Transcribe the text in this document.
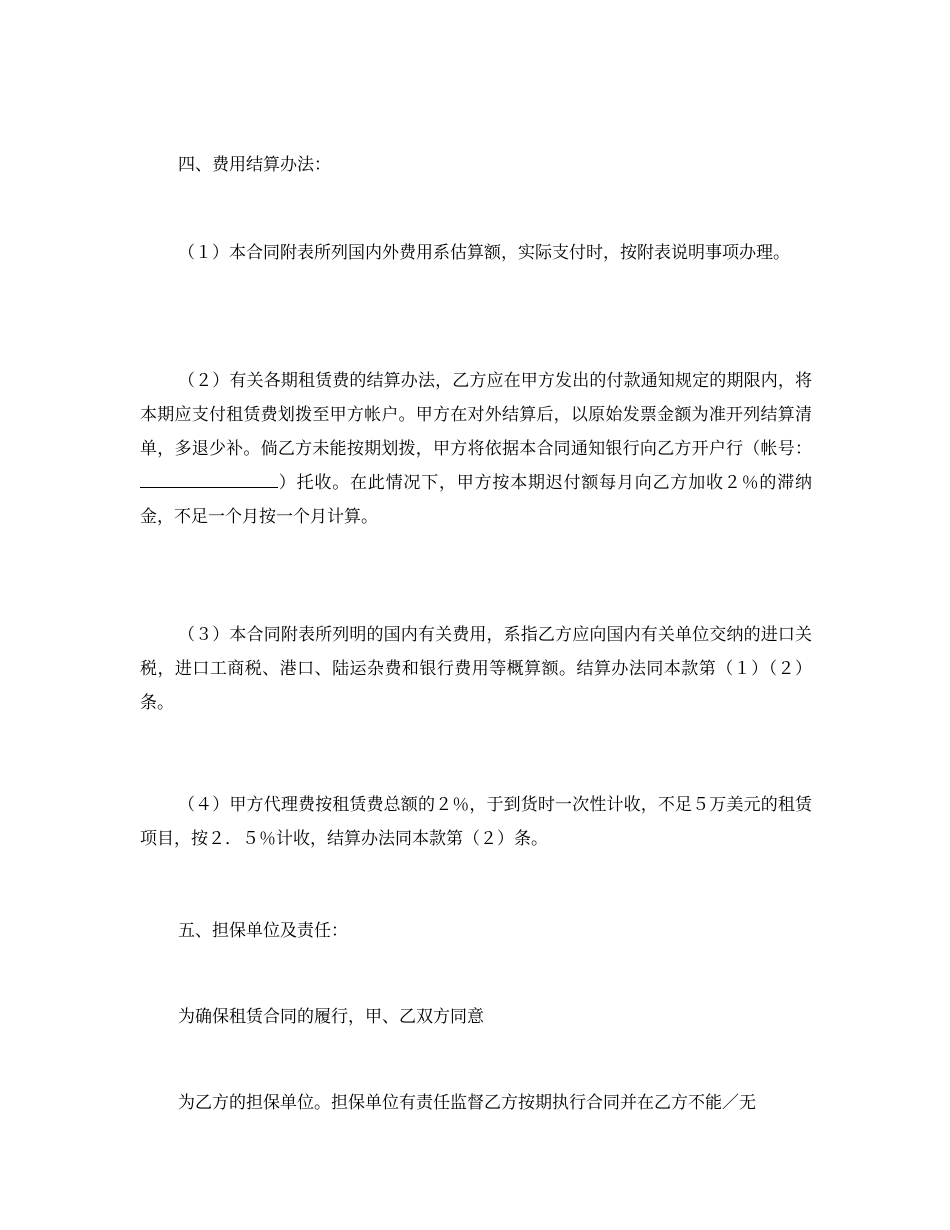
四、费用结算办法：

（１）本合同附表所列国内外费用系估算额，实际支付时，按附表说明事项办理。

（２）有关各期租赁费的结算办法，乙方应在甲方发出的付款通知规定的期限内，将本期应支付租赁费划拨至甲方帐户。甲方在对外结算后，以原始发票金额为准开列结算清单，多退少补。倘乙方未能按期划拨，甲方将依据本合同通知银行向乙方开户行（帐号：）托收。在此情况下，甲方按本期迟付额每月向乙方加收２％的滞纳金，不足一个月按一个月计算。

（３）本合同附表所列明的国内有关费用，系指乙方应向国内有关单位交纳的进口关税，进口工商税、港口、陆运杂费和银行费用等概算额。结算办法同本款第（１）（２）条。

（４）甲方代理费按租赁费总额的２％，于到货时一次性计收，不足５万美元的租赁项目，按２．５％计收，结算办法同本款第（２）条。

五、担保单位及责任：

为确保租赁合同的履行，甲、乙双方同意

为乙方的担保单位。担保单位有责任监督乙方按期执行合同并在乙方不能／无
